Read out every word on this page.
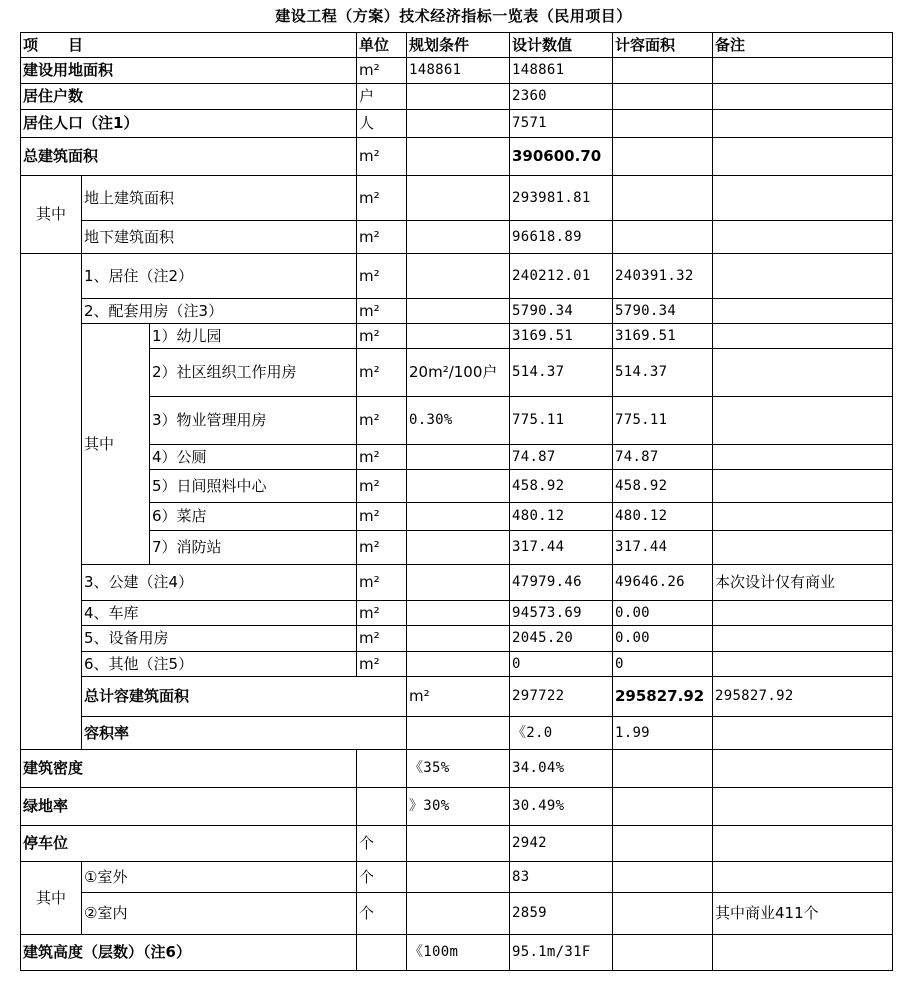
建设工程（方案）技术经济指标一览表（民用项目）
项　　目			单位	规划条件	设计数值	计容面积	备注	
建设用地面积			m²	148861	148861			
居住户数			户		2360			
居住人口（注1）			人		7571			
总建筑面积			m²		390600.70			
其中	地上建筑面积		m²		293981.81			
	地下建筑面积		m²		96618.89			
	1、居住（注2）		m²		240212.01	240391.32		
	2、配套用房（注3）		m²		5790.34	5790.34		
	其中	1）幼儿园	m²		3169.51	3169.51		
		2）社区组织工作用房	m²	20m²/100户	514.37	514.37		
		3）物业管理用房	m²	0.30%	775.11	775.11		
		4）公厕	m²		74.87	74.87		
		5）日间照料中心	m²		458.92	458.92		
		6）菜店	m²		480.12	480.12		
		7）消防站	m²		317.44	317.44		
	3、公建（注4）		m²		47979.46	49646.26	本次设计仅有商业	
	4、车库		m²		94573.69	0.00		
	5、设备用房		m²		2045.20	0.00		
	6、其他（注5）		m²		0	0		
	总计容建筑面积			m²	297722	295827.92	295827.92	
	容积率				《2.0	1.99		
建筑密度				《35%	34.04%			
绿地率				》30%	30.49%			
停车位			个		2942			
其中	①室外		个		83			
	②室内		个		2859		其中商业411个	
建筑高度（层数）（注6）				《100m	95.1m/31F			
